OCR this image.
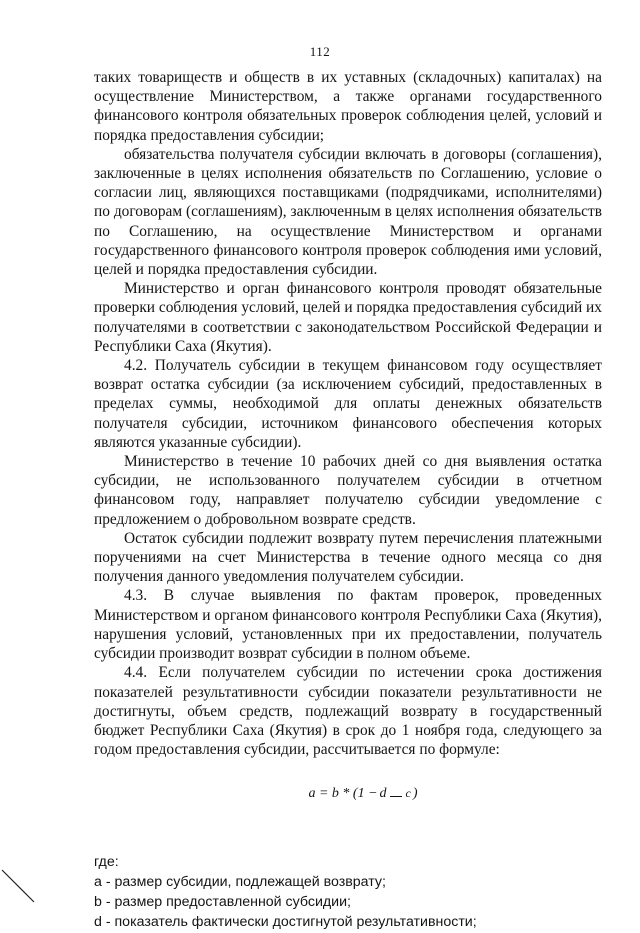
112

таких товариществ и обществ в их уставных (складочных) капиталах) на осуществление Министерством, а также органами государственного финансового контроля обязательных проверок соблюдения целей, условий и порядка предоставления субсидии;

обязательства получателя субсидии включать в договоры (соглашения), заключенные в целях исполнения обязательств по Соглашению, условие о согласии лиц, являющихся поставщиками (подрядчиками, исполнителями) по договорам (соглашениям), заключенным в целях исполнения обязательств по Соглашению, на осуществление Министерством и органами государственного финансового контроля проверок соблюдения ими условий, целей и порядка предоставления субсидии.

Министерство и орган финансового контроля проводят обязательные проверки соблюдения условий, целей и порядка предоставления субсидий их получателями в соответствии с законодательством Российской Федерации и Республики Саха (Якутия).

4.2. Получатель субсидии в текущем финансовом году осуществляет возврат остатка субсидии (за исключением субсидий, предоставленных в пределах суммы, необходимой для оплаты денежных обязательств получателя субсидии, источником финансового обеспечения которых являются указанные субсидии).

Министерство в течение 10 рабочих дней со дня выявления остатка субсидии, не использованного получателем субсидии в отчетном финансовом году, направляет получателю субсидии уведомление с предложением о добровольном возврате средств.

Остаток субсидии подлежит возврату путем перечисления платежными поручениями на счет Министерства в течение одного месяца со дня получения данного уведомления получателем субсидии.

4.3. В случае выявления по фактам проверок, проведенных Министерством и органом финансового контроля Республики Саха (Якутия), нарушения условий, установленных при их предоставлении, получатель субсидии производит возврат субсидии в полном объеме.

4.4. Если получателем субсидии по истечении срока достижения показателей результативности субсидии показатели результативности не достигнуты, объем средств, подлежащий возврату в государственный бюджет Республики Саха (Якутия) в срок до 1 ноября года, следующего за годом предоставления субсидии, рассчитывается по формуле:

a = b * (1 − d c )
где:
a - размер субсидии, подлежащей возврату;
b - размер предоставленной субсидии;
d - показатель фактически достигнутой результативности;
